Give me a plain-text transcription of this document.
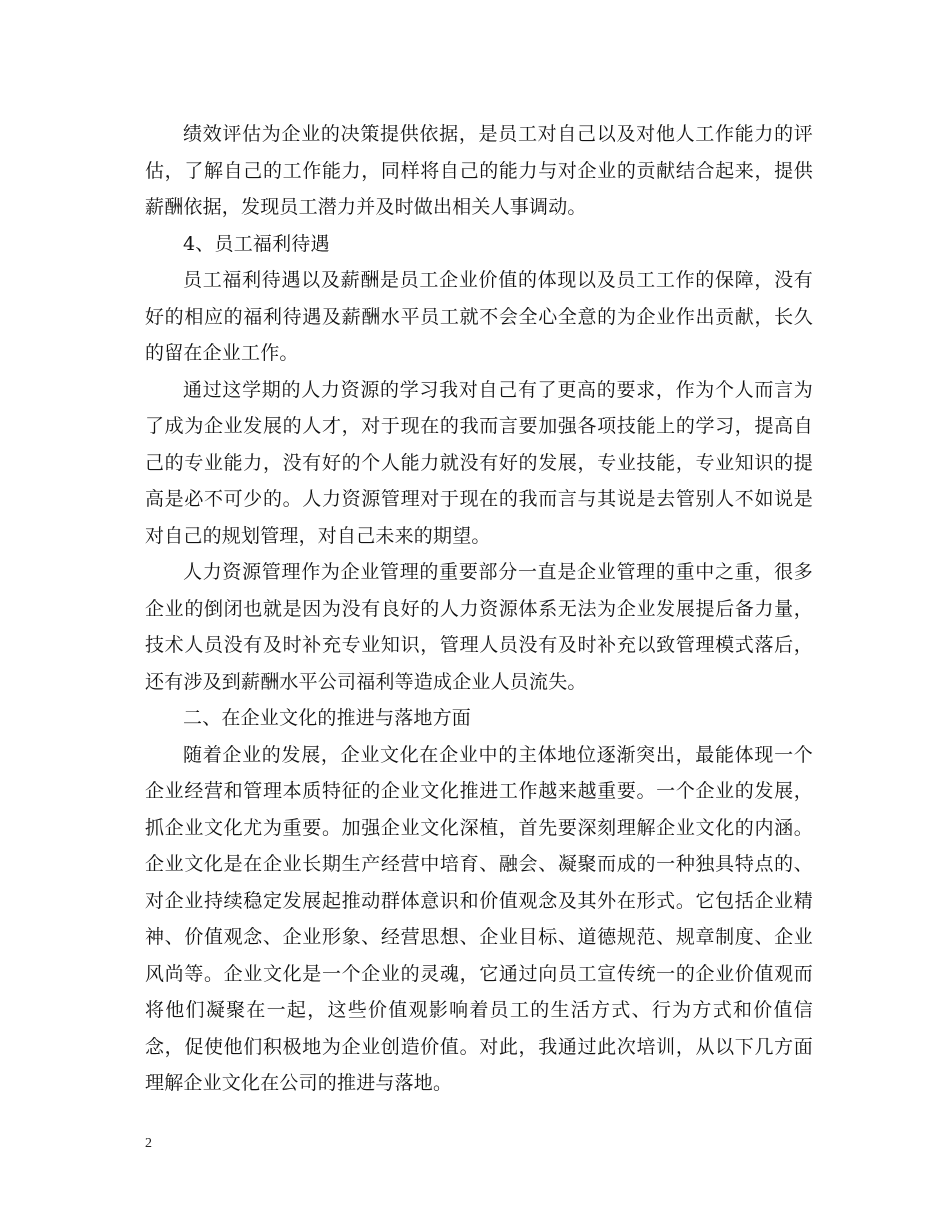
绩效评估为企业的决策提供依据，是员工对自己以及对他人工作能力的评估，了解自己的工作能力，同样将自己的能力与对企业的贡献结合起来，提供薪酬依据，发现员工潜力并及时做出相关人事调动。

4、员工福利待遇

员工福利待遇以及薪酬是员工企业价值的体现以及员工工作的保障，没有好的相应的福利待遇及薪酬水平员工就不会全心全意的为企业作出贡献，长久的留在企业工作。

通过这学期的人力资源的学习我对自己有了更高的要求，作为个人而言为了成为企业发展的人才，对于现在的我而言要加强各项技能上的学习，提高自己的专业能力，没有好的个人能力就没有好的发展，专业技能，专业知识的提高是必不可少的。人力资源管理对于现在的我而言与其说是去管别人不如说是对自己的规划管理，对自己未来的期望。

人力资源管理作为企业管理的重要部分一直是企业管理的重中之重，很多企业的倒闭也就是因为没有良好的人力资源体系无法为企业发展提后备力量，技术人员没有及时补充专业知识，管理人员没有及时补充以致管理模式落后，还有涉及到薪酬水平公司福利等造成企业人员流失。

二、在企业文化的推进与落地方面

随着企业的发展，企业文化在企业中的主体地位逐渐突出，最能体现一个企业经营和管理本质特征的企业文化推进工作越来越重要。一个企业的发展，抓企业文化尤为重要。加强企业文化深植，首先要深刻理解企业文化的内涵。企业文化是在企业长期生产经营中培育、融会、凝聚而成的一种独具特点的、对企业持续稳定发展起推动群体意识和价值观念及其外在形式。它包括企业精神、价值观念、企业形象、经营思想、企业目标、道德规范、规章制度、企业风尚等。企业文化是一个企业的灵魂，它通过向员工宣传统一的企业价值观而将他们凝聚在一起，这些价值观影响着员工的生活方式、行为方式和价值信念，促使他们积极地为企业创造价值。对此，我通过此次培训，从以下几方面理解企业文化在公司的推进与落地。

2
